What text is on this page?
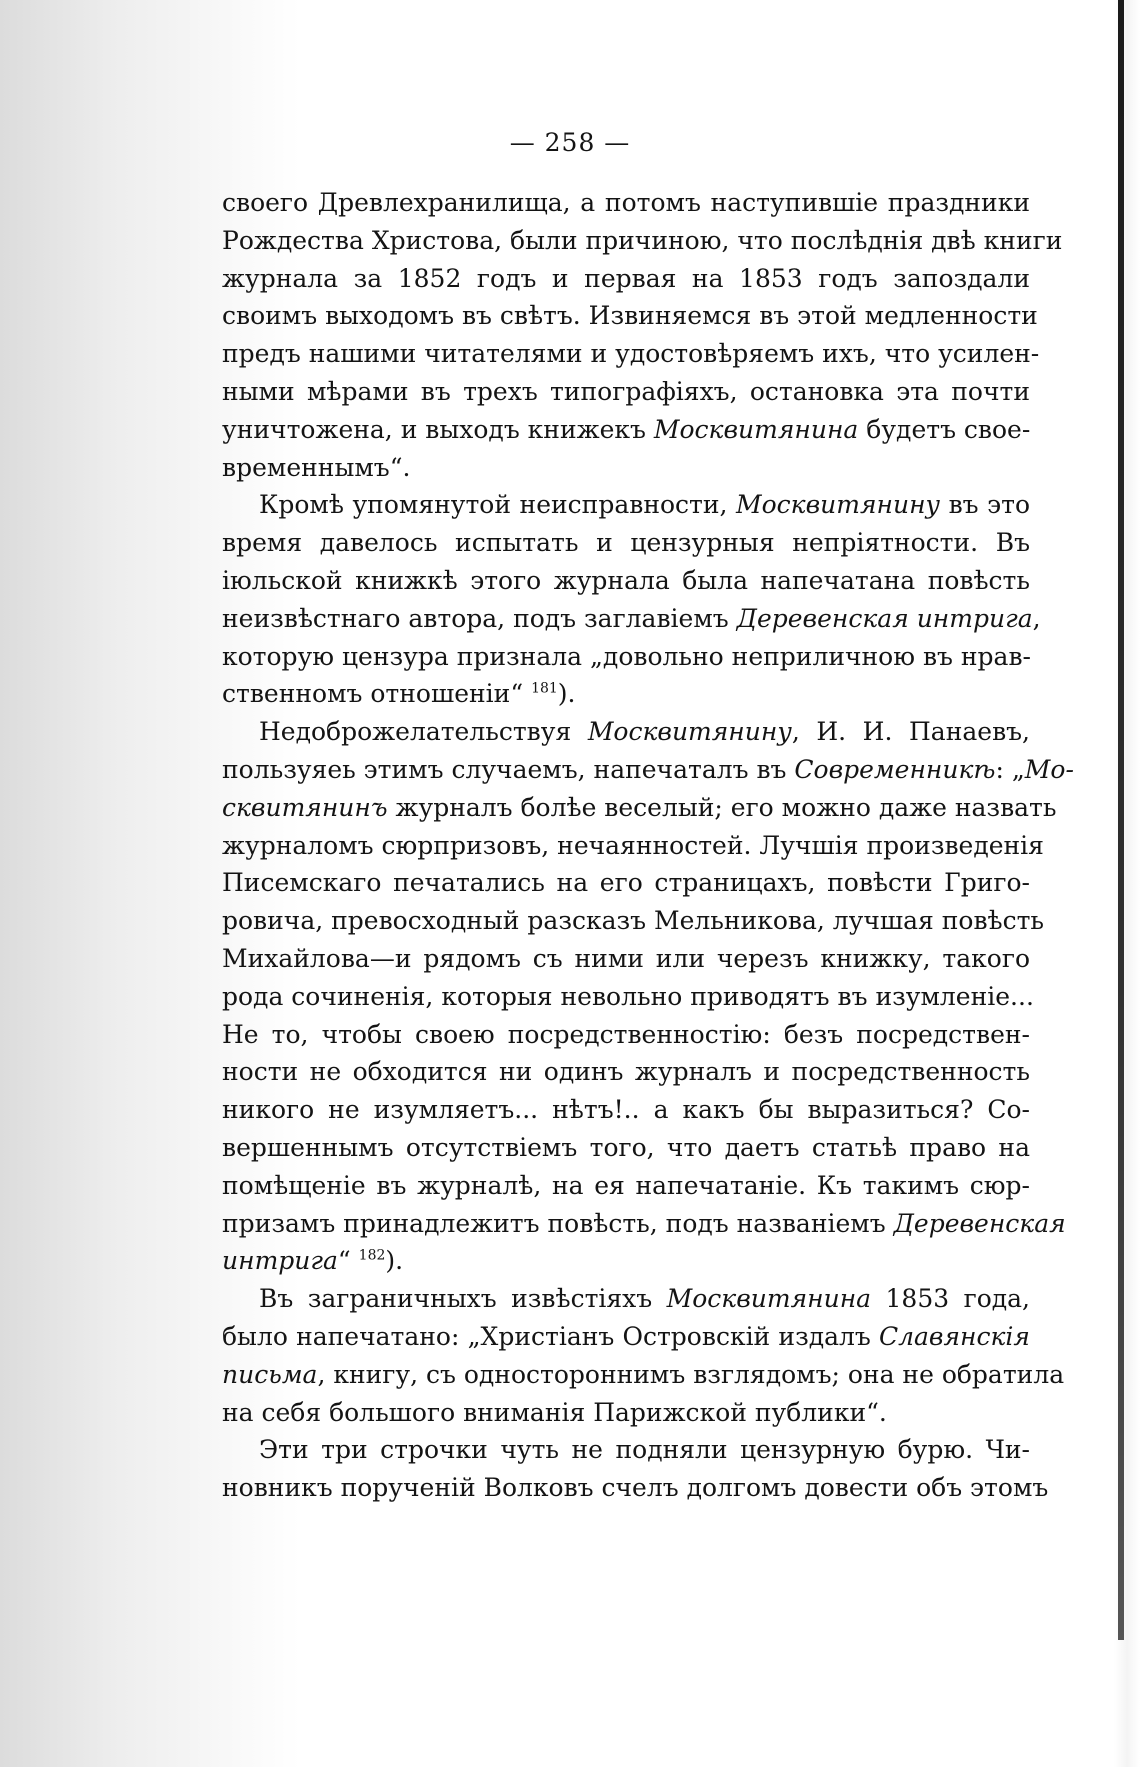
— 258 —
своего Древлехранилища, а потомъ наступившіе праздники
Рождества Христова, были причиною, что послѣднія двѣ книги
журнала за 1852 годъ и первая на 1853 годъ запоздали
своимъ выходомъ въ свѣтъ. Извиняемся въ этой медленности
предъ нашими читателями и удостовѣряемъ ихъ, что усилен-
ными мѣрами въ трехъ типографіяхъ, остановка эта почти
уничтожена, и выходъ книжекъ Москвитянина будетъ свое-
временнымъ“.
Кромѣ упомянутой неисправности, Москвитянину въ это
время давелось испытать и цензурныя непріятности. Въ
іюльской книжкѣ этого журнала была напечатана повѣсть
неизвѣстнаго автора, подъ заглавіемъ Деревенская интрига,
которую цензура признала „довольно неприличною въ нрав-
ственномъ отношеніи“ $^{181}$).
Недоброжелательствуя Москвитянину, И. И. Панаевъ,
пользуяеь этимъ случаемъ, напечаталъ въ Современникѣ: „Мо-
сквитянинъ журналъ болѣе веселый; его можно даже назвать
журналомъ сюрпризовъ, нечаянностей. Лучшія произведенія
Писемскаго печатались на его страницахъ, повѣсти Григо-
ровича, превосходный разсказъ Мельникова, лучшая повѣсть
Михайлова—и рядомъ съ ними или черезъ книжку, такого
рода сочиненія, которыя невольно приводятъ въ изумленіе...
Не то, чтобы своею посредственностію: безъ посредствен-
ности не обходится ни одинъ журналъ и посредственность
никого не изумляетъ... нѣтъ!.. а какъ бы выразиться? Со-
вершеннымъ отсутствіемъ того, что даетъ статьѣ право на
помѣщеніе въ журналѣ, на ея напечатаніе. Къ такимъ сюр-
призамъ принадлежитъ повѣсть, подъ названіемъ Деревенская
интрига“ $^{182}$).
Въ заграничныхъ извѣстіяхъ Москвитянина 1853 года,
было напечатано: „Христіанъ Островскій издалъ Славянскія
письма, книгу, съ одностороннимъ взглядомъ; она не обратила
на себя большого вниманія Парижской публики“.
Эти три строчки чуть не подняли цензурную бурю. Чи-
новникъ порученій Волковъ счелъ долгомъ довести объ этомъ
